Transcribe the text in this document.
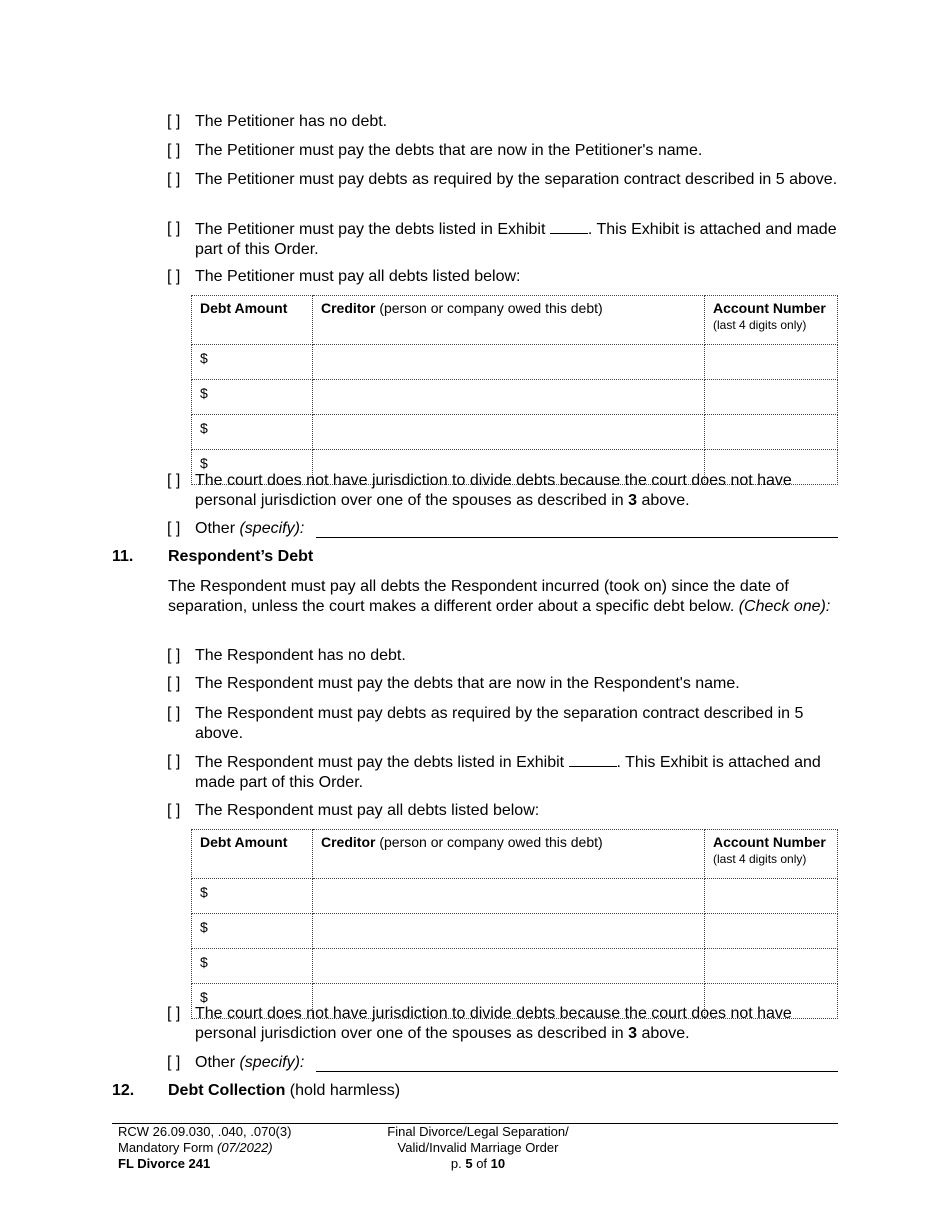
[ ] The Petitioner has no debt.
[ ] The Petitioner must pay the debts that are now in the Petitioner's name.
[ ] The Petitioner must pay debts as required by the separation contract described in 5 above.
[ ] The Petitioner must pay the debts listed in Exhibit . This Exhibit is attached and made part of this Order.
[ ] The Petitioner must pay all debts listed below:
Debt Amount	Creditor (person or company owed this debt)	Account Number
(last 4 digits only)
$		
$		
$		
$		
[ ] The court does not have jurisdiction to divide debts because the court does not have personal jurisdiction over one of the spouses as described in 3 above.
[ ] Other (specify):
11. Respondent’s Debt
The Respondent must pay all debts the Respondent incurred (took on) since the date of separation, unless the court makes a different order about a specific debt below. (Check one):
[ ] The Respondent has no debt.
[ ] The Respondent must pay the debts that are now in the Respondent's name.
[ ] The Respondent must pay debts as required by the separation contract described in 5 above.
[ ] The Respondent must pay the debts listed in Exhibit	. This Exhibit is attached and made part of this Order.
[ ] The Respondent must pay all debts listed below:
Debt Amount	Creditor (person or company owed this debt)	Account Number
(last 4 digits only)
$		
$		
$		
$		
[ ] The court does not have jurisdiction to divide debts because the court does not have personal jurisdiction over one of the spouses as described in 3 above.
[ ] Other (specify):
12. Debt Collection (hold harmless)
RCW 26.09.030, .040, .070(3)
Mandatory Form (07/2022)
FL Divorce 241
Final Divorce/Legal Separation/
Valid/Invalid Marriage Order
p. 5 of 10
